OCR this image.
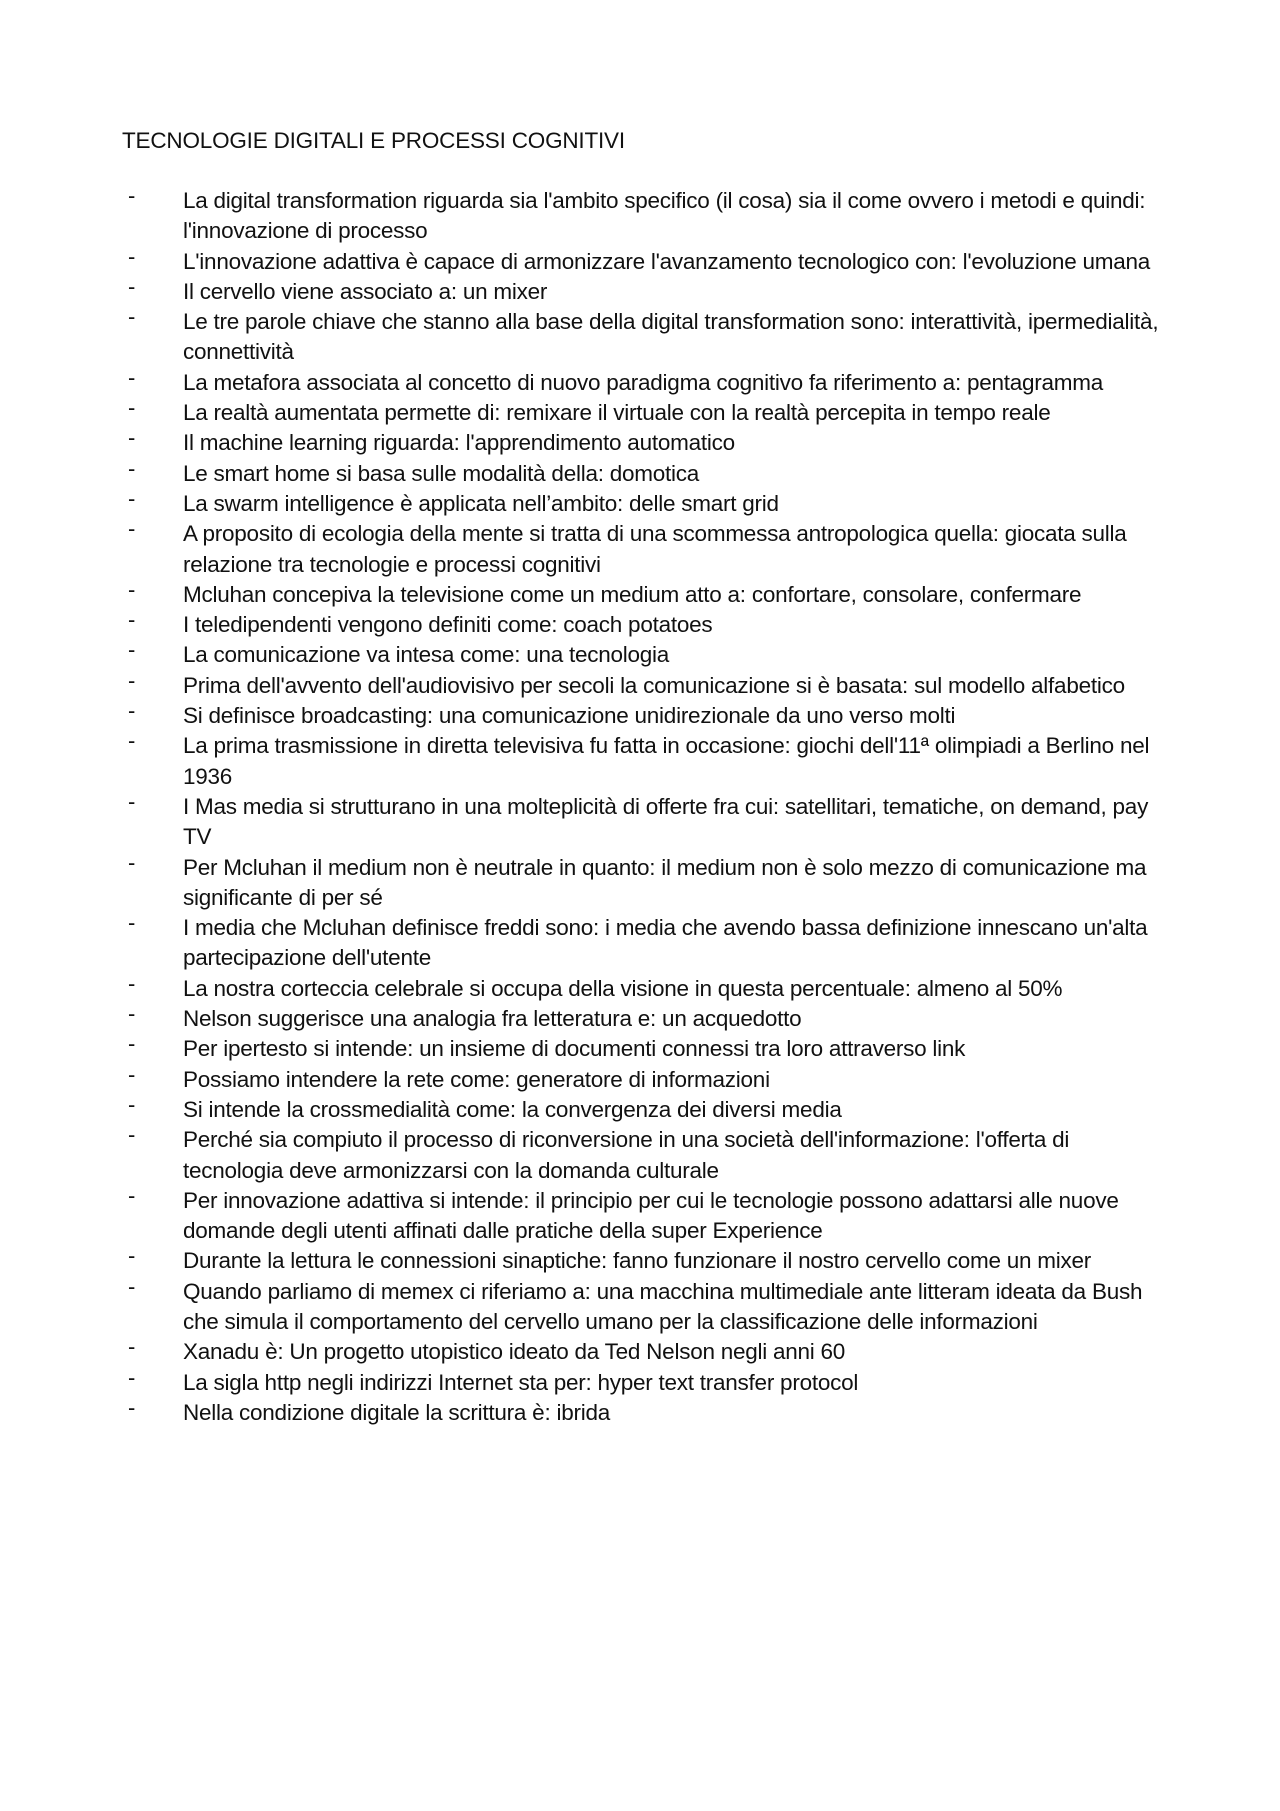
TECNOLOGIE DIGITALI E PROCESSI COGNITIVI
- La digital transformation riguarda sia l'ambito specifico (il cosa) sia il come ovvero i metodi e quindi: l'innovazione di processo
- L'innovazione adattiva è capace di armonizzare l'avanzamento tecnologico con: l'evoluzione umana
- Il cervello viene associato a: un mixer
- Le tre parole chiave che stanno alla base della digital transformation sono: interattività, ipermedialità, connettività
- La metafora associata al concetto di nuovo paradigma cognitivo fa riferimento a: pentagramma
- La realtà aumentata permette di: remixare il virtuale con la realtà percepita in tempo reale
- Il machine learning riguarda: l'apprendimento automatico
- Le smart home si basa sulle modalità della: domotica
- La swarm intelligence è applicata nell’ambito: delle smart grid
- A proposito di ecologia della mente si tratta di una scommessa antropologica quella: giocata sulla relazione tra tecnologie e processi cognitivi
- Mcluhan concepiva la televisione come un medium atto a: confortare, consolare, confermare
- I teledipendenti vengono definiti come: coach potatoes
- La comunicazione va intesa come: una tecnologia
- Prima dell'avvento dell'audiovisivo per secoli la comunicazione si è basata: sul modello alfabetico
- Si definisce broadcasting: una comunicazione unidirezionale da uno verso molti
- La prima trasmissione in diretta televisiva fu fatta in occasione: giochi dell'11ª olimpiadi a Berlino nel 1936
- I Mas media si strutturano in una molteplicità di offerte fra cui: satellitari, tematiche, on demand, pay TV
- Per Mcluhan il medium non è neutrale in quanto: il medium non è solo mezzo di comunicazione ma significante di per sé
- I media che Mcluhan definisce freddi sono: i media che avendo bassa definizione innescano un'alta partecipazione dell'utente
- La nostra corteccia celebrale si occupa della visione in questa percentuale: almeno al 50%
- Nelson suggerisce una analogia fra letteratura e: un acquedotto
- Per ipertesto si intende: un insieme di documenti connessi tra loro attraverso link
- Possiamo intendere la rete come: generatore di informazioni
- Si intende la crossmedialità come: la convergenza dei diversi media
- Perché sia compiuto il processo di riconversione in una società dell'informazione: l'offerta di tecnologia deve armonizzarsi con la domanda culturale
- Per innovazione adattiva si intende: il principio per cui le tecnologie possono adattarsi alle nuove domande degli utenti affinati dalle pratiche della super Experience
- Durante la lettura le connessioni sinaptiche: fanno funzionare il nostro cervello come un mixer
- Quando parliamo di memex ci riferiamo a: una macchina multimediale ante litteram ideata da Bush che simula il comportamento del cervello umano per la classificazione delle informazioni
- Xanadu è: Un progetto utopistico ideato da Ted Nelson negli anni 60
- La sigla http negli indirizzi Internet sta per: hyper text transfer protocol
- Nella condizione digitale la scrittura è: ibrida
